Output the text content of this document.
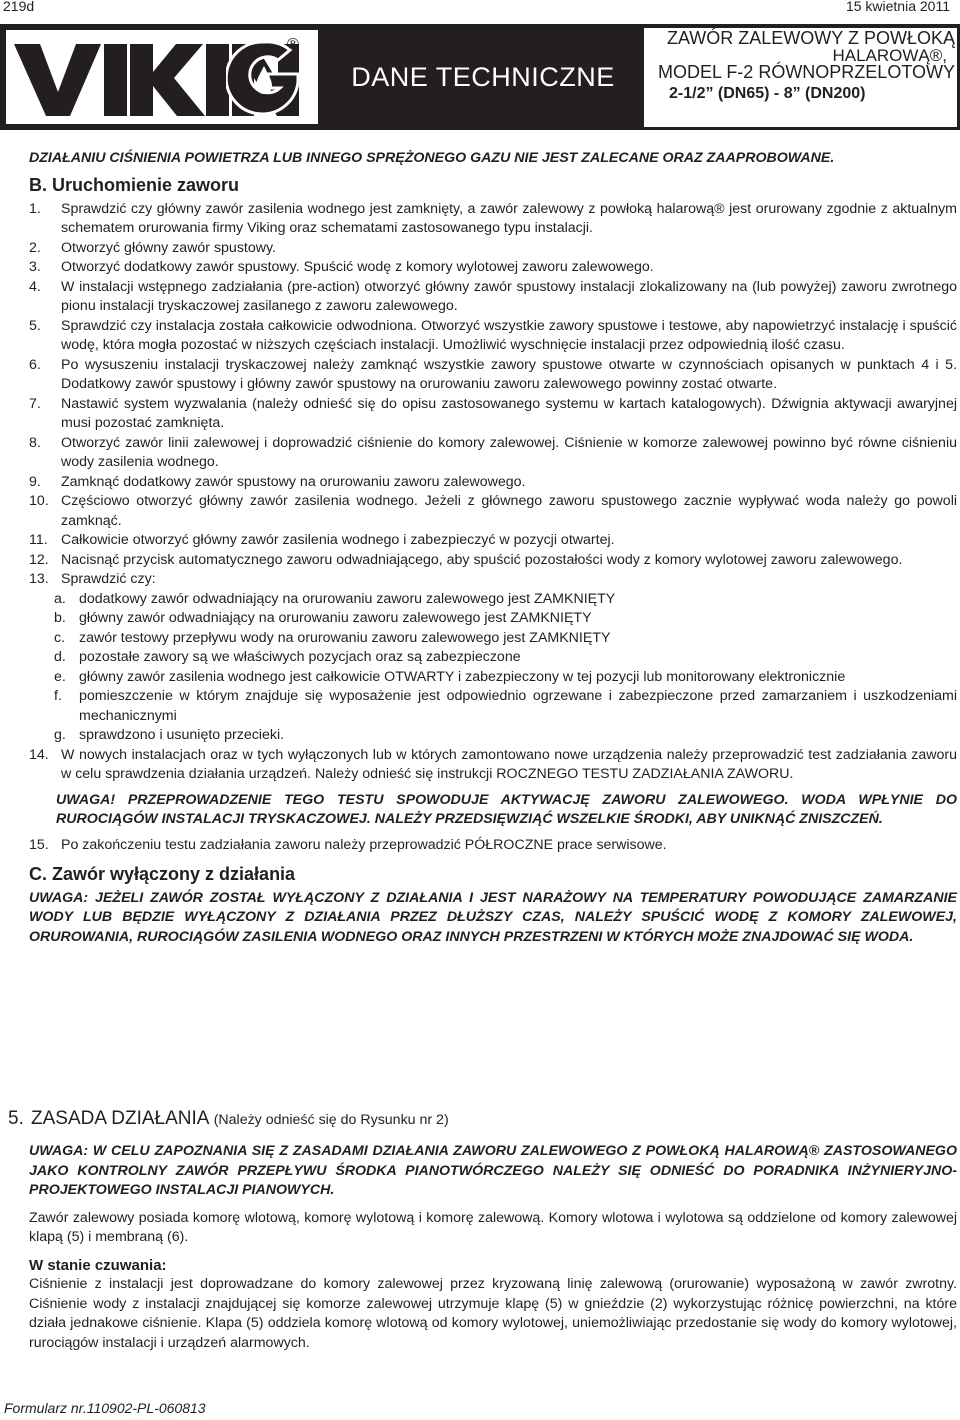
219d	15 kwietnia 2011
®
DANE TECHNICZNE
ZAWÓR ZALEWOWY Z POWŁOKĄ
HALAROWĄ®,
MODEL F-2 RÓWNOPRZELOTOWY
2-1/2” (DN65) - 8” (DN200)
DZIAŁANIU CIŚNIENIA POWIETRZA LUB INNEGO SPRĘŻONEGO GAZU NIE JEST ZALECANE ORAZ ZAAPROBOWANE.
B. Uruchomienie zaworu
1. Sprawdzić czy główny zawór zasilenia wodnego jest zamknięty, a zawór zalewowy z powłoką halarową® jest orurowany zgodnie z aktualnym schematem orurowania firmy Viking oraz schematami zastosowanego typu instalacji.
2. Otworzyć główny zawór spustowy.
3. Otworzyć dodatkowy zawór spustowy. Spuścić wodę z komory wylotowej zaworu zalewowego.
4. W instalacji wstępnego zadziałania (pre-action) otworzyć główny zawór spustowy instalacji zlokalizowany na (lub powyżej) zaworu zwrotnego pionu instalacji tryskaczowej zasilanego z zaworu zalewowego.
5. Sprawdzić czy instalacja została całkowicie odwodniona. Otworzyć wszystkie zawory spustowe i testowe, aby napowietrzyć instalację i spuścić wodę, która mogła pozostać w niższych częściach instalacji. Umożliwić wyschnięcie instalacji przez odpowiednią ilość czasu.
6. Po wysuszeniu instalacji tryskaczowej należy zamknąć wszystkie zawory spustowe otwarte w czynnościach opisanych w punktach 4 i 5. Dodatkowy zawór spustowy i główny zawór spustowy na orurowaniu zaworu zalewowego powinny zostać otwarte.
7. Nastawić system wyzwalania (należy odnieść się do opisu zastosowanego systemu w kartach katalogowych). Dźwignia aktywacji awaryjnej musi pozostać zamknięta.
8. Otworzyć zawór linii zalewowej i doprowadzić ciśnienie do komory zalewowej. Ciśnienie w komorze zalewowej powinno być równe ciśnieniu wody zasilenia wodnego.
9. Zamknąć dodatkowy zawór spustowy na orurowaniu zaworu zalewowego.
10. Częściowo otworzyć główny zawór zasilenia wodnego. Jeżeli z głównego zaworu spustowego zacznie wypływać woda należy go powoli zamknąć.
11. Całkowicie otworzyć główny zawór zasilenia wodnego i zabezpieczyć w pozycji otwartej.
12. Nacisnąć przycisk automatycznego zaworu odwadniającego, aby spuścić pozostałości wody z komory wylotowej zaworu zalewowego.
13. Sprawdzić czy:
a. dodatkowy zawór odwadniający na orurowaniu zaworu zalewowego jest ZAMKNIĘTY
b. główny zawór odwadniający na orurowaniu zaworu zalewowego jest ZAMKNIĘTY
c. zawór testowy przepływu wody na orurowaniu zaworu zalewowego jest ZAMKNIĘTY
d. pozostałe zawory są we właściwych pozycjach oraz są zabezpieczone
e. główny zawór zasilenia wodnego jest całkowicie OTWARTY i zabezpieczony w tej pozycji lub monitorowany elektronicznie
f. pomieszczenie w którym znajduje się wyposażenie jest odpowiednio ogrzewane i zabezpieczone przed zamarzaniem i uszkodzeniami mechanicznymi
g. sprawdzono i usunięto przecieki.
14. W nowych instalacjach oraz w tych wyłączonych lub w których zamontowano nowe urządzenia należy przeprowadzić test zadziałania zaworu w celu sprawdzenia działania urządzeń. Należy odnieść się instrukcji ROCZNEGO TESTU ZADZIAŁANIA ZAWORU.
UWAGA! PRZEPROWADZENIE TEGO TESTU SPOWODUJE AKTYWACJĘ ZAWORU ZALEWOWEGO. WODA WPŁYNIE DO RUROCIĄGÓW INSTALACJI TRYSKACZOWEJ. NALEŻY PRZEDSIĘWZIĄĆ WSZELKIE ŚRODKI, ABY UNIKNĄĆ ZNISZCZEŃ.
15. Po zakończeniu testu zadziałania zaworu należy przeprowadzić PÓŁROCZNE prace serwisowe.
C. Zawór wyłączony z działania
UWAGA: JEŻELI ZAWÓR ZOSTAŁ WYŁĄCZONY Z DZIAŁANIA I JEST NARAŻOWY NA TEMPERATURY POWODUJĄCE ZAMARZANIE WODY LUB BĘDZIE WYŁĄCZONY Z DZIAŁANIA PRZEZ DŁUŻSZY CZAS, NALEŻY SPUŚCIĆ WODĘ Z KOMORY ZALEWOWEJ, ORUROWANIA, RUROCIĄGÓW ZASILENIA WODNEGO ORAZ INNYCH PRZESTRZENI W KTÓRYCH MOŻE ZNAJDOWAĆ SIĘ WODA.
5. ZASADA DZIAŁANIA (Należy odnieść się do Rysunku nr 2)
UWAGA: W CELU ZAPOZNANIA SIĘ Z ZASADAMI DZIAŁANIA ZAWORU ZALEWOWEGO Z POWŁOKĄ HALAROWĄ® ZASTOSOWANEGO JAKO KONTROLNY ZAWÓR PRZEPŁYWU ŚRODKA PIANOTWÓRCZEGO NALEŻY SIĘ ODNIEŚĆ DO PORADNIKA INŻYNIERYJNO-PROJEKTOWEGO INSTALACJI PIANOWYCH.
Zawór zalewowy posiada komorę wlotową, komorę wylotową i komorę zalewową. Komory wlotowa i wylotowa są oddzielone od komory zalewowej klapą (5) i membraną (6).
W stanie czuwania:
Ciśnienie z instalacji jest doprowadzane do komory zalewowej przez kryzowaną linię zalewową (orurowanie) wyposażoną w zawór zwrotny. Ciśnienie wody z instalacji znajdującej się komorze zalewowej utrzymuje klapę (5) w gnieździe (2) wykorzystując różnicę powierzchni, na które działa jednakowe ciśnienie. Klapa (5) oddziela komorę wlotową od komory wylotowej, uniemożliwiając przedostanie się wody do komory wylotowej, rurociągów instalacji i urządzeń alarmowych.
Formularz nr.110902-PL-060813
